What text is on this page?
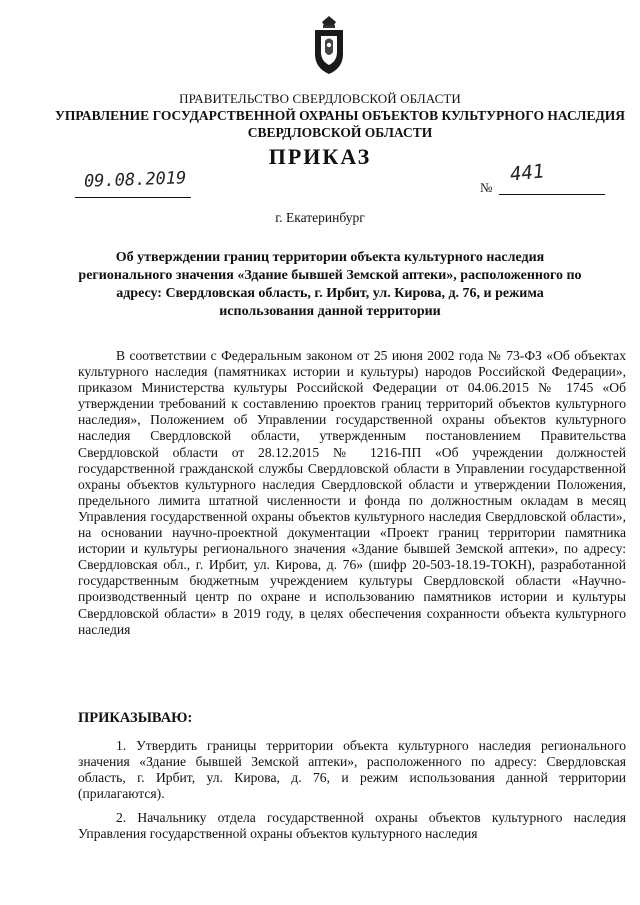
ПРАВИТЕЛЬСТВО СВЕРДЛОВСКОЙ ОБЛАСТИ
УПРАВЛЕНИЕ ГОСУДАРСТВЕННОЙ ОХРАНЫ ОБЪЕКТОВ КУЛЬТУРНОГО НАСЛЕДИЯ
СВЕРДЛОВСКОЙ ОБЛАСТИ
ПРИКАЗ
09.08.2019	№
441
г. Екатеринбург
Об утверждении границ территории объекта культурного наследия регионального значения «Здание бывшей Земской аптеки», расположенного по адресу: Свердловская область, г. Ирбит, ул. Кирова, д. 76, и режима использования данной территории
В соответствии с Федеральным законом от 25 июня 2002 года № 73-ФЗ «Об объектах культурного наследия (памятниках истории и культуры) народов Российской Федерации», приказом Министерства культуры Российской Федерации от 04.06.2015 № 1745 «Об утверждении требований к составлению проектов границ территорий объектов культурного наследия», Положением об Управлении государственной охраны объектов культурного наследия Свердловской области, утвержденным постановлением Правительства Свердловской области от 28.12.2015 № 1216-ПП «Об учреждении должностей государственной гражданской службы Свердловской области в Управлении государственной охраны объектов культурного наследия Свердловской области и утверждении Положения, предельного лимита штатной численности и фонда по должностным окладам в месяц Управления государственной охраны объектов культурного наследия Свердловской области», на основании научно-проектной документации «Проект границ территории памятника истории и культуры регионального значения «Здание бывшей Земской аптеки», по адресу: Свердловская обл., г. Ирбит, ул. Кирова, д. 76» (шифр 20-503-18.19-ТОКН), разработанной государственным бюджетным учреждением культуры Свердловской области «Научно-производственный центр по охране и использованию памятников истории и культуры Свердловской области» в 2019 году, в целях обеспечения сохранности объекта культурного наследия
ПРИКАЗЫВАЮ:
1. Утвердить границы территории объекта культурного наследия регионального значения «Здание бывшей Земской аптеки», расположенного по адресу: Свердловская область, г. Ирбит, ул. Кирова, д. 76, и режим использования данной территории (прилагаются).
2. Начальнику отдела государственной охраны объектов культурного наследия Управления государственной охраны объектов культурного наследия
